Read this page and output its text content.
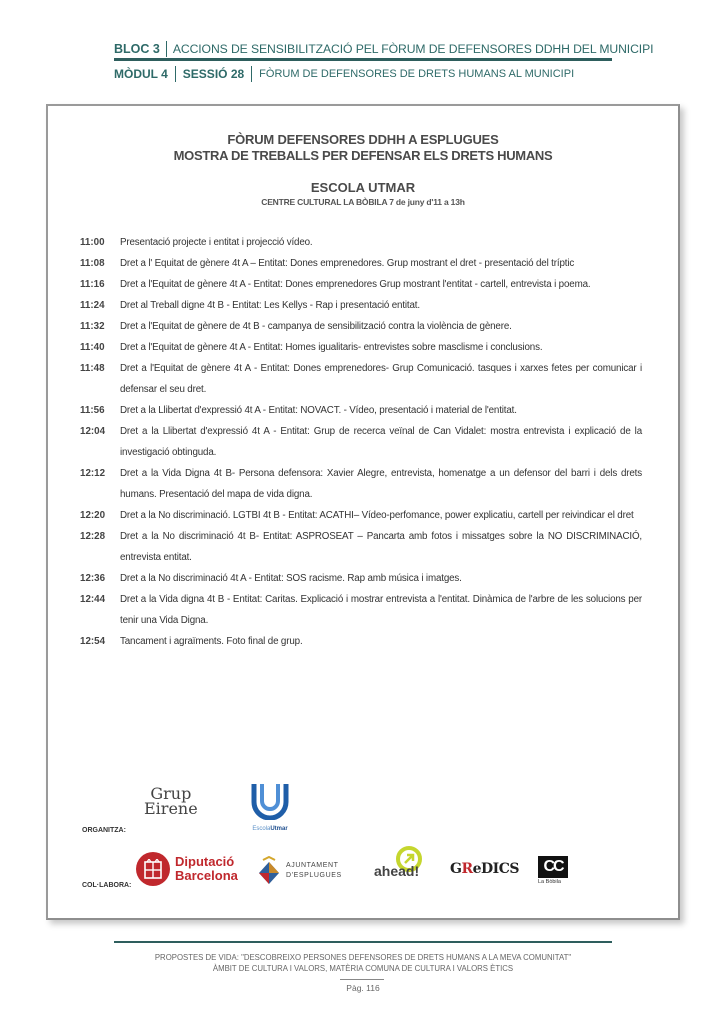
BLOC 3	ACCIONS DE SENSIBILITZACIÓ PEL FÒRUM DE DEFENSORES DDHH DEL MUNICIPI
MÒDUL 4	SESSIÓ 28	FÒRUM DE DEFENSORES DE DRETS HUMANS AL MUNICIPI
FÒRUM DEFENSORES DDHH A ESPLUGUES
MOSTRA DE TREBALLS PER DEFENSAR ELS DRETS HUMANS
ESCOLA UTMAR
CENTRE CULTURAL LA BÒBILA 7 de juny d'11 a 13h
11:00	Presentació projecte i entitat i projecció vídeo.
11:08	Dret a l' Equitat de gènere 4t A – Entitat: Dones emprenedores. Grup mostrant el dret - presentació del tríptic
11:16	Dret a l'Equitat de gènere 4t A - Entitat: Dones emprenedores Grup mostrant l'entitat - cartell, entrevista i poema.
11:24	Dret al Treball digne 4t B - Entitat: Les Kellys - Rap i presentació entitat.
11:32	Dret a l'Equitat de gènere de 4t B - campanya de sensibilització contra la violència de gènere.
11:40	Dret a l'Equitat de gènere 4t A - Entitat: Homes igualitaris- entrevistes sobre masclisme i conclusions.
11:48	Dret a l'Equitat de gènere 4t A - Entitat: Dones emprenedores- Grup Comunicació. tasques i xarxes fetes per comunicar i defensar el seu dret.
11:56	Dret a la Llibertat d'expressió 4t A - Entitat: NOVACT. - Vídeo, presentació i material de l'entitat.
12:04	Dret a la Llibertat d'expressió 4t A - Entitat: Grup de recerca veïnal de Can Vidalet: mostra entrevista i explicació de la investigació obtinguda.
12:12	Dret a la Vida Digna 4t B- Persona defensora: Xavier Alegre, entrevista, homenatge a un defensor del barri i dels drets humans. Presentació del mapa de vida digna.
12:20	Dret a la No discriminació. LGTBI 4t B - Entitat: ACATHI– Vídeo-perfomance, power explicatiu, cartell per reivindicar el dret
12:28	Dret a la No discriminació 4t B- Entitat: ASPROSEAT – Pancarta amb fotos i missatges sobre la NO DISCRIMINACIÓ, entrevista entitat.
12:36	Dret a la No discriminació 4t A - Entitat: SOS racisme. Rap amb música i imatges.
12:44	Dret a la Vida digna 4t B - Entitat: Caritas. Explicació i mostrar entrevista a l'entitat. Dinàmica de l'arbre de les solucions per tenir una Vida Digna.
12:54	Tancament i agraïments. Foto final de grup.
Grup
Eirene
EscolaUtmar
ORGANITZA:
COL·LABORA:
Diputació
Barcelona
AJUNTAMENT
D'ESPLUGUES ahead! GReDICS	CC
La Bòbila
PROPOSTES DE VIDA: "DESCOBREIXO PERSONES DEFENSORES DE DRETS HUMANS A LA MEVA COMUNITAT"
ÀMBIT DE CULTURA I VALORS, MATÈRIA COMUNA DE CULTURA I VALORS ÈTICS
Pàg. 116
